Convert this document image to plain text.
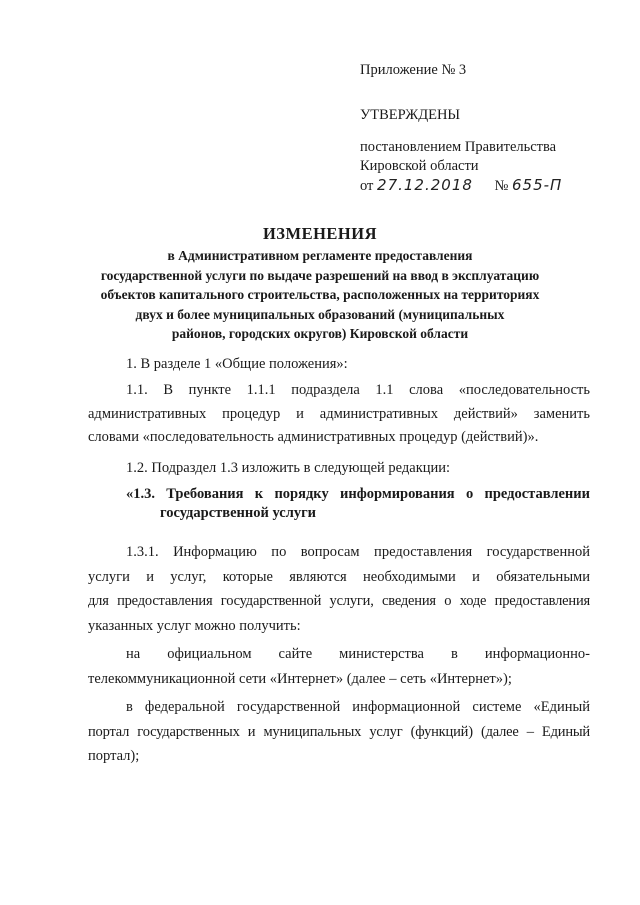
Приложение № 3

УТВЕРЖДЕНЫ

постановлением Правительства
Кировской области
от 27.12.2018 № 655-П
ИЗМЕНЕНИЯ
в Административном регламенте предоставления
государственной услуги по выдаче разрешений на ввод в эксплуатацию
объектов капитального строительства, расположенных на территориях
двух и более муниципальных образований (муниципальных
районов, городских округов) Кировской области

1. В разделе 1 «Общие положения»:

1.1. В пункте 1.1.1 подраздела 1.1 слова «последовательность

административных процедур и административных действий» заменить

словами «последовательность административных процедур (действий)».

1.2. Подраздел 1.3 изложить в следующей редакции:

«1.3. Требования к порядку информирования о предоставлении
государственной услуги

1.3.1. Информацию по вопросам предоставления государственной

услуги и услуг, которые являются необходимыми и обязательными

для предоставления государственной услуги, сведения о ходе предоставления

указанных услуг можно получить:

на официальном сайте министерства в информационно-

телекоммуникационной сети «Интернет» (далее – сеть «Интернет»);

в федеральной государственной информационной системе «Единый

портал государственных и муниципальных услуг (функций) (далее – Единый

портал);
